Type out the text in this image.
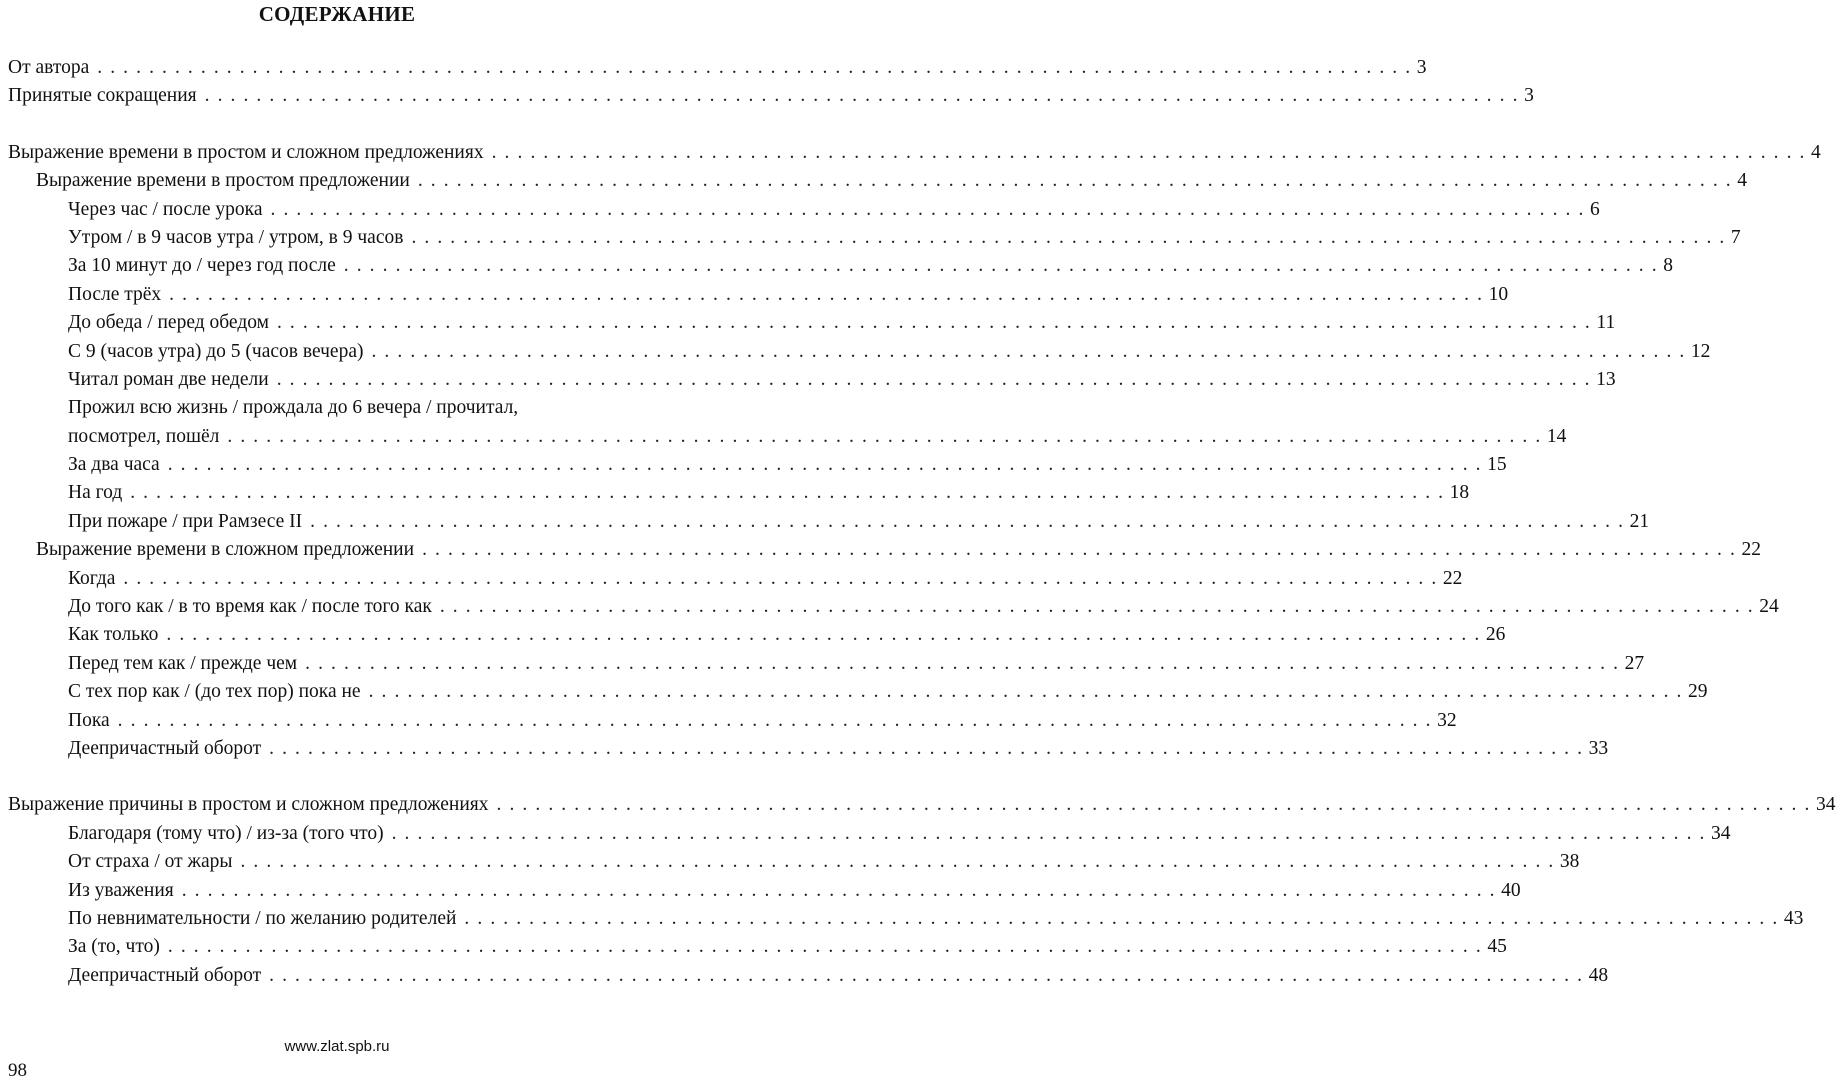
СОДЕРЖАНИЕ
От автора . . . . . . . . . . . . . . . . . . . . . . . . . . . . . . . . . . . . . . . . . . . . . . . . . . . . . . . . . . . . . . . . . . . . . . . . . . . . . . . . . . . . . . . . . . . . . . . . . . . . . . 3
Принятые сокращения . . . . . . . . . . . . . . . . . . . . . . . . . . . . . . . . . . . . . . . . . . . . . . . . . . . . . . . . . . . . . . . . . . . . . . . . . . . . . . . . . . . . . . . . . . . . . . . . . . . . . . 3
Выражение времени в простом и сложном предложениях . . . . . . . . . . . . . . . . . . . . . . . . . . . . . . . . . . . . . . . . . . . . . . . . . . . . . . . . . . . . . . . . . . . . . . . . . . . . . . . . . . . . . . . . . . . . . . . . . . . . . . 4
Выражение времени в простом предложении . . . . . . . . . . . . . . . . . . . . . . . . . . . . . . . . . . . . . . . . . . . . . . . . . . . . . . . . . . . . . . . . . . . . . . . . . . . . . . . . . . . . . . . . . . . . . . . . . . . . . . 4
Через час / после урока . . . . . . . . . . . . . . . . . . . . . . . . . . . . . . . . . . . . . . . . . . . . . . . . . . . . . . . . . . . . . . . . . . . . . . . . . . . . . . . . . . . . . . . . . . . . . . . . . . . . . . 6
Утром / в 9 часов утра / утром, в 9 часов . . . . . . . . . . . . . . . . . . . . . . . . . . . . . . . . . . . . . . . . . . . . . . . . . . . . . . . . . . . . . . . . . . . . . . . . . . . . . . . . . . . . . . . . . . . . . . . . . . . . . . 7
За 10 минут до / через год после . . . . . . . . . . . . . . . . . . . . . . . . . . . . . . . . . . . . . . . . . . . . . . . . . . . . . . . . . . . . . . . . . . . . . . . . . . . . . . . . . . . . . . . . . . . . . . . . . . . . . . 8
После трёх . . . . . . . . . . . . . . . . . . . . . . . . . . . . . . . . . . . . . . . . . . . . . . . . . . . . . . . . . . . . . . . . . . . . . . . . . . . . . . . . . . . . . . . . . . . . . . . . . . . . . . 10
До обеда / перед обедом . . . . . . . . . . . . . . . . . . . . . . . . . . . . . . . . . . . . . . . . . . . . . . . . . . . . . . . . . . . . . . . . . . . . . . . . . . . . . . . . . . . . . . . . . . . . . . . . . . . . . . 11
С 9 (часов утра) до 5 (часов вечера) . . . . . . . . . . . . . . . . . . . . . . . . . . . . . . . . . . . . . . . . . . . . . . . . . . . . . . . . . . . . . . . . . . . . . . . . . . . . . . . . . . . . . . . . . . . . . . . . . . . . . . 12
Читал роман две недели . . . . . . . . . . . . . . . . . . . . . . . . . . . . . . . . . . . . . . . . . . . . . . . . . . . . . . . . . . . . . . . . . . . . . . . . . . . . . . . . . . . . . . . . . . . . . . . . . . . . . . 13
Прожил всю жизнь / прождала до 6 вечера / прочитал,
посмотрел, пошёл . . . . . . . . . . . . . . . . . . . . . . . . . . . . . . . . . . . . . . . . . . . . . . . . . . . . . . . . . . . . . . . . . . . . . . . . . . . . . . . . . . . . . . . . . . . . . . . . . . . . . . 14
За два часа . . . . . . . . . . . . . . . . . . . . . . . . . . . . . . . . . . . . . . . . . . . . . . . . . . . . . . . . . . . . . . . . . . . . . . . . . . . . . . . . . . . . . . . . . . . . . . . . . . . . . . 15
На год . . . . . . . . . . . . . . . . . . . . . . . . . . . . . . . . . . . . . . . . . . . . . . . . . . . . . . . . . . . . . . . . . . . . . . . . . . . . . . . . . . . . . . . . . . . . . . . . . . . . . . 18
При пожаре / при Рамзесе II . . . . . . . . . . . . . . . . . . . . . . . . . . . . . . . . . . . . . . . . . . . . . . . . . . . . . . . . . . . . . . . . . . . . . . . . . . . . . . . . . . . . . . . . . . . . . . . . . . . . . . 21
Выражение времени в сложном предложении . . . . . . . . . . . . . . . . . . . . . . . . . . . . . . . . . . . . . . . . . . . . . . . . . . . . . . . . . . . . . . . . . . . . . . . . . . . . . . . . . . . . . . . . . . . . . . . . . . . . . . 22
Когда . . . . . . . . . . . . . . . . . . . . . . . . . . . . . . . . . . . . . . . . . . . . . . . . . . . . . . . . . . . . . . . . . . . . . . . . . . . . . . . . . . . . . . . . . . . . . . . . . . . . . . 22
До того как / в то время как / после того как . . . . . . . . . . . . . . . . . . . . . . . . . . . . . . . . . . . . . . . . . . . . . . . . . . . . . . . . . . . . . . . . . . . . . . . . . . . . . . . . . . . . . . . . . . . . . . . . . . . . . . 24
Как только . . . . . . . . . . . . . . . . . . . . . . . . . . . . . . . . . . . . . . . . . . . . . . . . . . . . . . . . . . . . . . . . . . . . . . . . . . . . . . . . . . . . . . . . . . . . . . . . . . . . . . 26
Перед тем как / прежде чем . . . . . . . . . . . . . . . . . . . . . . . . . . . . . . . . . . . . . . . . . . . . . . . . . . . . . . . . . . . . . . . . . . . . . . . . . . . . . . . . . . . . . . . . . . . . . . . . . . . . . . 27
С тех пор как / (до тех пор) пока не . . . . . . . . . . . . . . . . . . . . . . . . . . . . . . . . . . . . . . . . . . . . . . . . . . . . . . . . . . . . . . . . . . . . . . . . . . . . . . . . . . . . . . . . . . . . . . . . . . . . . . 29
Пока . . . . . . . . . . . . . . . . . . . . . . . . . . . . . . . . . . . . . . . . . . . . . . . . . . . . . . . . . . . . . . . . . . . . . . . . . . . . . . . . . . . . . . . . . . . . . . . . . . . . . . 32
Деепричастный оборот . . . . . . . . . . . . . . . . . . . . . . . . . . . . . . . . . . . . . . . . . . . . . . . . . . . . . . . . . . . . . . . . . . . . . . . . . . . . . . . . . . . . . . . . . . . . . . . . . . . . . . 33
Выражение причины в простом и сложном предложениях . . . . . . . . . . . . . . . . . . . . . . . . . . . . . . . . . . . . . . . . . . . . . . . . . . . . . . . . . . . . . . . . . . . . . . . . . . . . . . . . . . . . . . . . . . . . . . . . . . . . . . 34
Благодаря (тому что) / из-за (того что) . . . . . . . . . . . . . . . . . . . . . . . . . . . . . . . . . . . . . . . . . . . . . . . . . . . . . . . . . . . . . . . . . . . . . . . . . . . . . . . . . . . . . . . . . . . . . . . . . . . . . . 34
От страха / от жары . . . . . . . . . . . . . . . . . . . . . . . . . . . . . . . . . . . . . . . . . . . . . . . . . . . . . . . . . . . . . . . . . . . . . . . . . . . . . . . . . . . . . . . . . . . . . . . . . . . . . . 38
Из уважения . . . . . . . . . . . . . . . . . . . . . . . . . . . . . . . . . . . . . . . . . . . . . . . . . . . . . . . . . . . . . . . . . . . . . . . . . . . . . . . . . . . . . . . . . . . . . . . . . . . . . . 40
По невнимательности / по желанию родителей . . . . . . . . . . . . . . . . . . . . . . . . . . . . . . . . . . . . . . . . . . . . . . . . . . . . . . . . . . . . . . . . . . . . . . . . . . . . . . . . . . . . . . . . . . . . . . . . . . . . . . 43
За (то, что) . . . . . . . . . . . . . . . . . . . . . . . . . . . . . . . . . . . . . . . . . . . . . . . . . . . . . . . . . . . . . . . . . . . . . . . . . . . . . . . . . . . . . . . . . . . . . . . . . . . . . . 45
Деепричастный оборот . . . . . . . . . . . . . . . . . . . . . . . . . . . . . . . . . . . . . . . . . . . . . . . . . . . . . . . . . . . . . . . . . . . . . . . . . . . . . . . . . . . . . . . . . . . . . . . . . . . . . . 48
www.zlat.spb.ru
98
